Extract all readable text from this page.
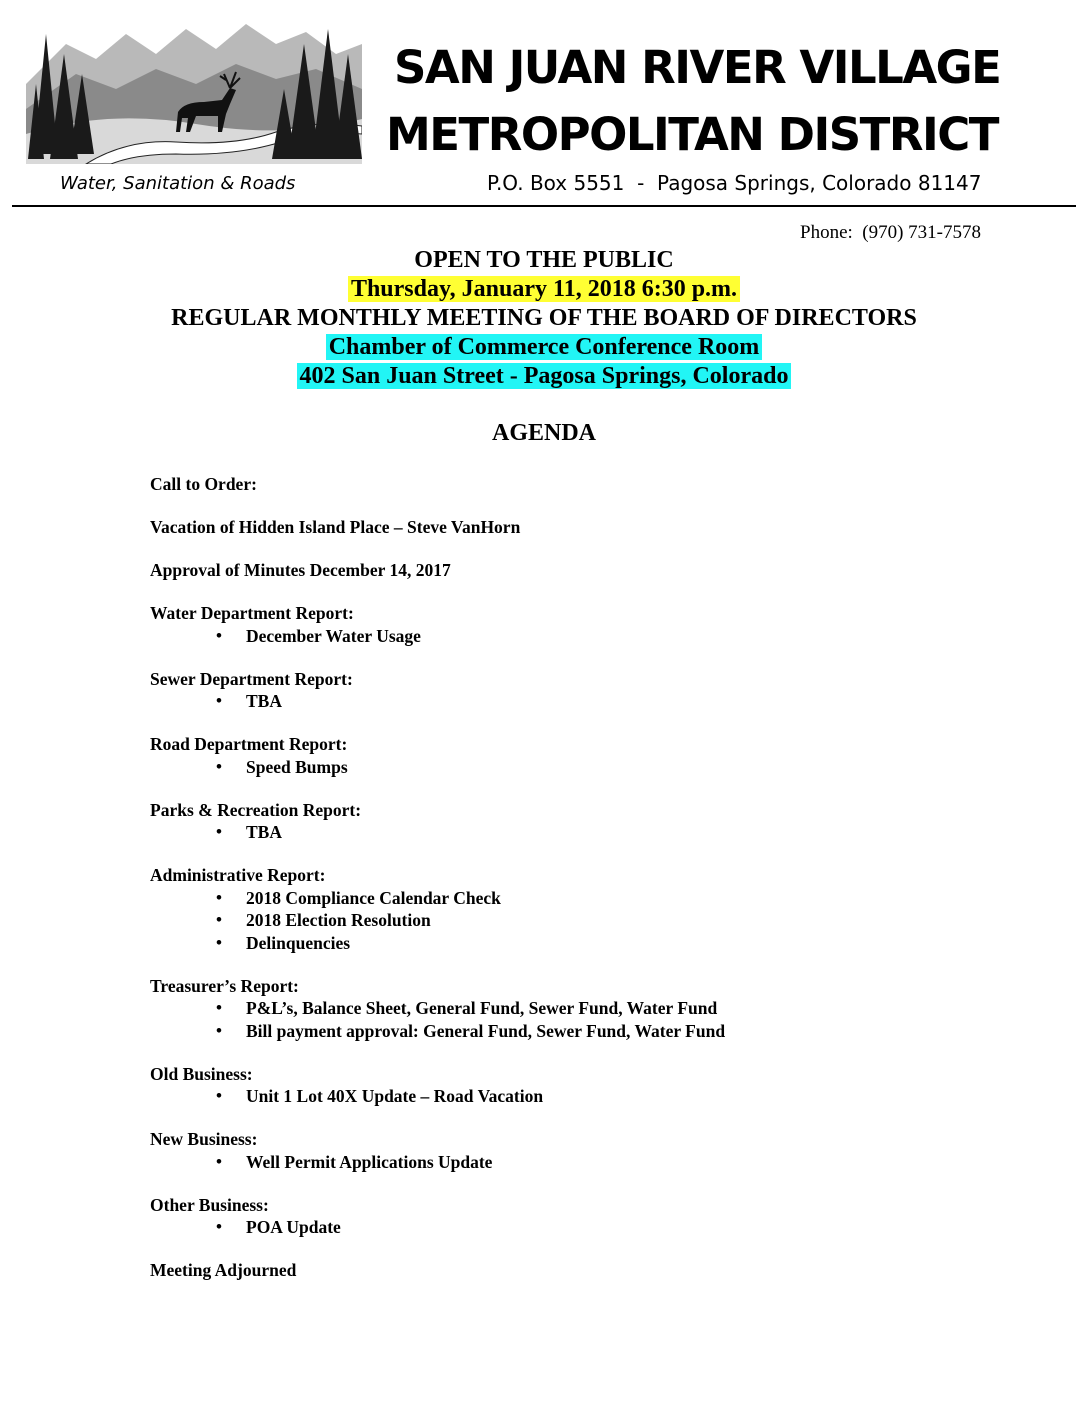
SAN JUAN RIVER VILLAGE
METROPOLITAN DISTRICT
Water, Sanitation & Roads	P.O. Box 5551  -  Pagosa Springs, Colorado 81147
Phone:  (970) 731-7578
OPEN TO THE PUBLIC
Thursday, January 11, 2018 6:30 p.m.
REGULAR MONTHLY MEETING OF THE BOARD OF DIRECTORS
Chamber of Commerce Conference Room
402 San Juan Street - Pagosa Springs, Colorado
AGENDA
Call to Order:
Vacation of Hidden Island Place – Steve VanHorn
Approval of Minutes December 14, 2017
Water Department Report:
• December Water Usage
Sewer Department Report:
• TBA
Road Department Report:
• Speed Bumps
Parks & Recreation Report:
• TBA
Administrative Report:
• 2018 Compliance Calendar Check
• 2018 Election Resolution
• Delinquencies
Treasurer’s Report:
• P&L’s, Balance Sheet, General Fund, Sewer Fund, Water Fund
• Bill payment approval: General Fund, Sewer Fund, Water Fund
Old Business:
• Unit 1 Lot 40X Update – Road Vacation
New Business:
• Well Permit Applications Update
Other Business:
• POA Update
Meeting Adjourned
